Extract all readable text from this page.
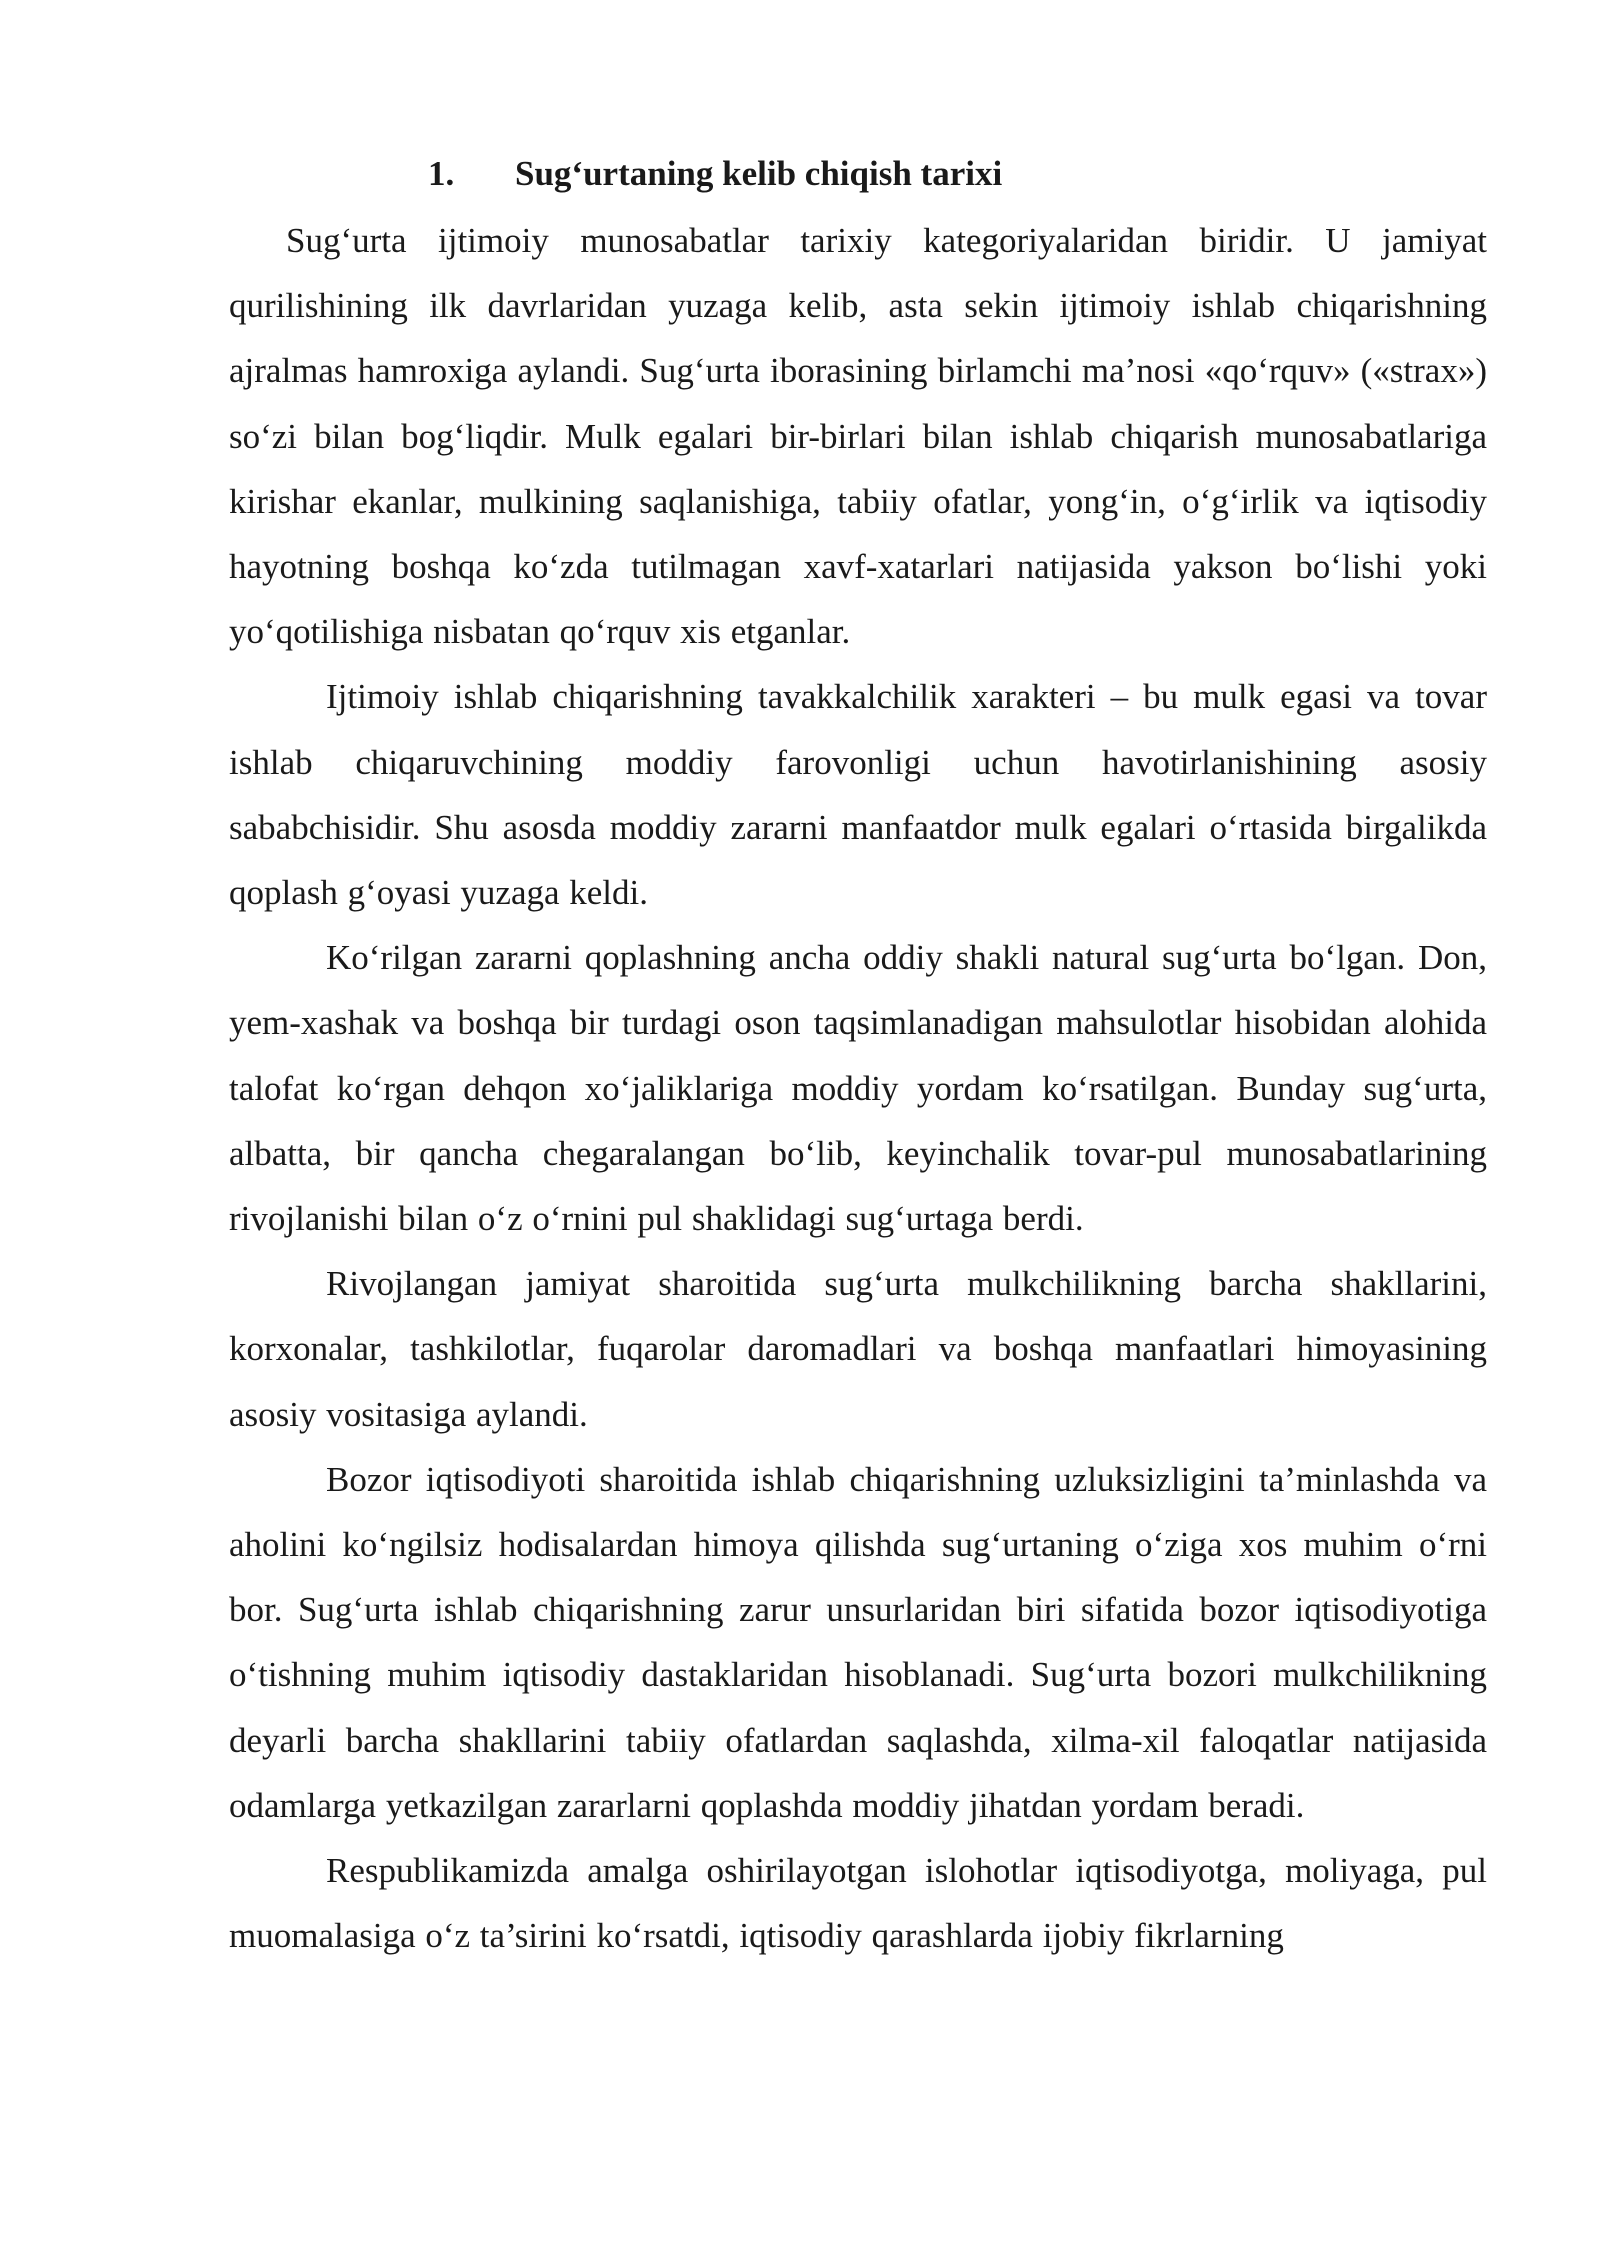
1. Sug‘urtaning kelib chiqish tarixi

Sug‘urta ijtimoiy munosabatlar tarixiy kategoriyalaridan biridir. U jamiyat qurilishining ilk davrlaridan yuzaga kelib, asta sekin ijtimoiy ishlab chiqarishning ajralmas hamroxiga aylandi. Sug‘urta iborasining birlamchi ma’nosi «qo‘rquv» («strax») so‘zi bilan bog‘liqdir. Mulk egalari bir-birlari bilan ishlab chiqarish munosabatlariga kirishar ekanlar, mulkining saqlanishiga, tabiiy ofatlar, yong‘in, o‘g‘irlik va iqtisodiy hayotning boshqa ko‘zda tutilmagan xavf-xatarlari natijasida yakson bo‘lishi yoki yo‘qotilishiga nisbatan qo‘rquv xis etganlar.

Ijtimoiy ishlab chiqarishning tavakkalchilik xarakteri – bu mulk egasi va tovar ishlab chiqaruvchining moddiy farovonligi uchun havotirlanishining asosiy sababchisidir. Shu asosda moddiy zararni manfaatdor mulk egalari o‘rtasida birgalikda qoplash g‘oyasi yuzaga keldi.

Ko‘rilgan zararni qoplashning ancha oddiy shakli natural sug‘urta bo‘lgan. Don, yem-xashak va boshqa bir turdagi oson taqsimlanadigan mahsulotlar hisobidan alohida talofat ko‘rgan dehqon xo‘jaliklariga moddiy yordam ko‘rsatilgan. Bunday sug‘urta, albatta, bir qancha chegaralangan bo‘lib, keyinchalik tovar-pul munosabatlarining rivojlanishi bilan o‘z o‘rnini pul shaklidagi sug‘urtaga berdi.

Rivojlangan jamiyat sharoitida sug‘urta mulkchilikning barcha shakllarini, korxonalar, tashkilotlar, fuqarolar daromadlari va boshqa manfaatlari himoyasining asosiy vositasiga aylandi.

Bozor iqtisodiyoti sharoitida ishlab chiqarishning uzluksizligini ta’minlashda va aholini ko‘ngilsiz hodisalardan himoya qilishda sug‘urtaning o‘ziga xos muhim o‘rni bor. Sug‘urta ishlab chiqarishning zarur unsurlaridan biri sifatida bozor iqtisodiyotiga o‘tishning muhim iqtisodiy dastaklaridan hisoblanadi. Sug‘urta bozori mulkchilikning deyarli barcha shakllarini tabiiy ofatlardan saqlashda, xilma-xil faloqatlar natijasida odamlarga yetkazilgan zararlarni qoplashda moddiy jihatdan yordam beradi.

Respublikamizda amalga oshirilayotgan islohotlar iqtisodiyotga, moliyaga, pul muomalasiga o‘z ta’sirini ko‘rsatdi, iqtisodiy qarashlarda ijobiy fikrlarning
